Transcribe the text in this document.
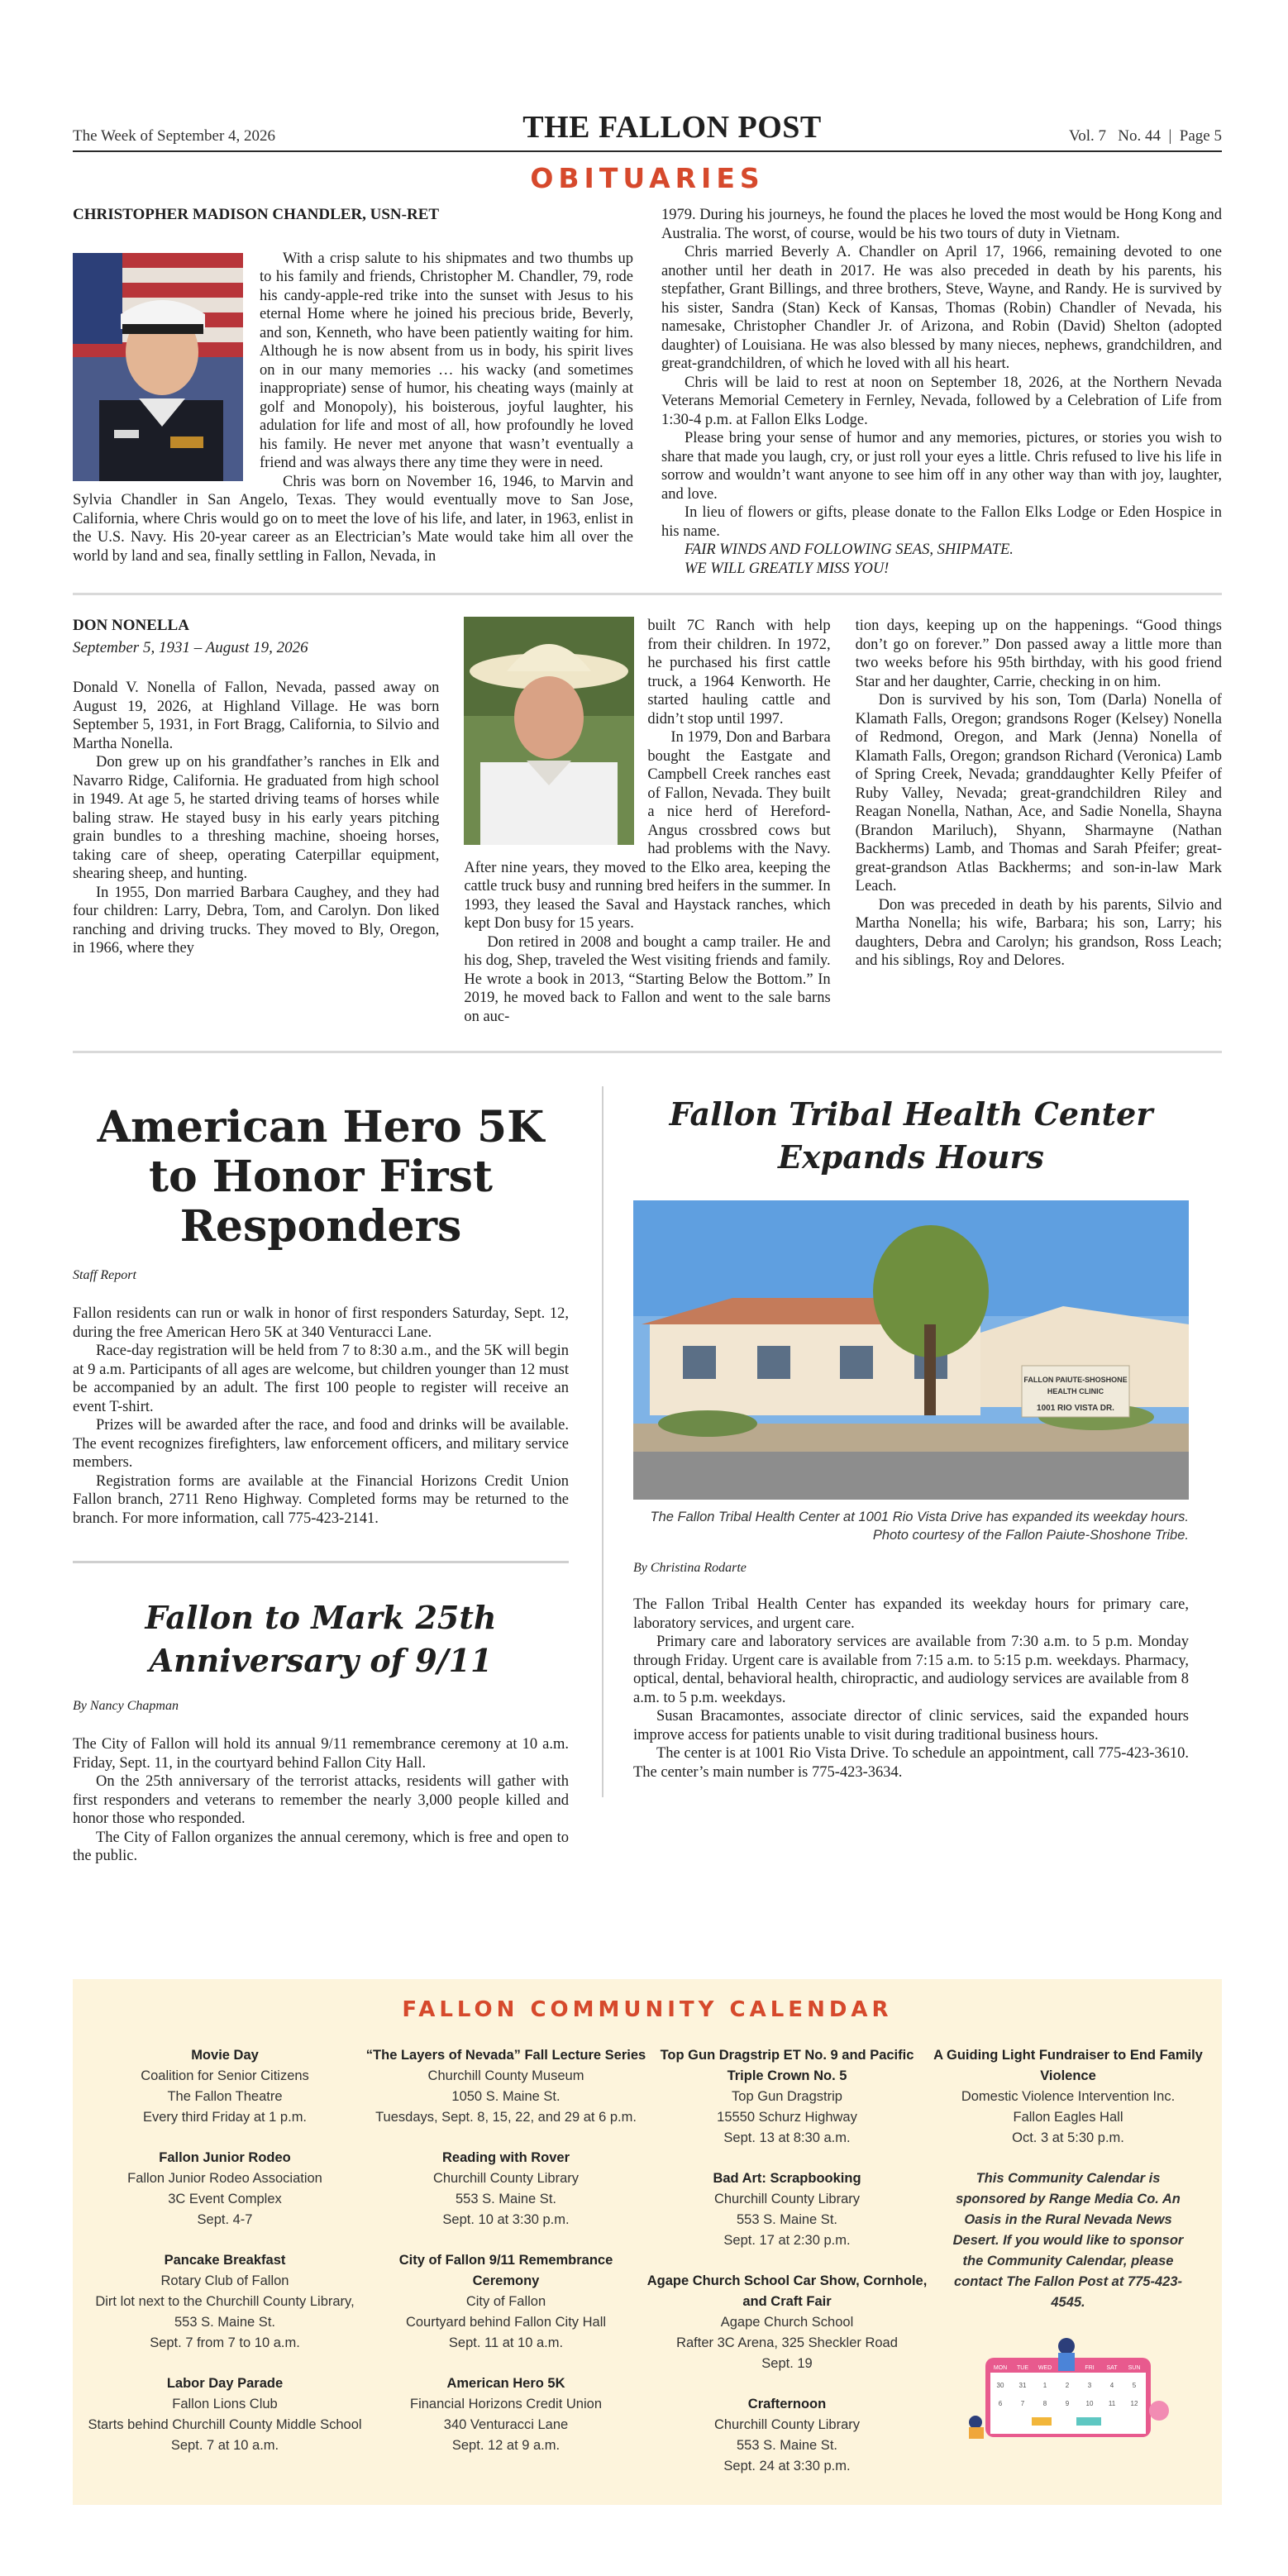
The Week of September 4, 2026	THE FALLON POST	Vol. 7   No. 44  |  Page 5
OBITUARIES
CHRISTOPHER MADISON CHANDLER, USN-RET

With a crisp salute to his shipmates and two thumbs up to his family and friends, Christopher M. Chandler, 79, rode his candy-apple-red trike into the sunset with Jesus to his eternal Home where he joined his precious bride, Beverly, and son, Kenneth, who have been patiently waiting for him. Although he is now absent from us in body, his spirit lives on in our many memories … his wacky (and sometimes inappropriate) sense of humor, his cheating ways (mainly at golf and Monopoly), his boisterous, joyful laughter, his adulation for life and most of all, how profoundly he loved his family. He never met anyone that wasn’t eventually a friend and was always there any time they were in need.

Chris was born on November 16, 1946, to Marvin and Sylvia Chandler in San Angelo, Texas. They would eventually move to San Jose, California, where Chris would go on to meet the love of his life, and later, in 1963, enlist in the U.S. Navy. His 20-year career as an Electrician’s Mate would take him all over the world by land and sea, finally settling in Fallon, Nevada, in

1979. During his journeys, he found the places he loved the most would be Hong Kong and Australia. The worst, of course, would be his two tours of duty in Vietnam.

Chris married Beverly A. Chandler on April 17, 1966, remaining devoted to one another until her death in 2017. He was also preceded in death by his parents, his stepfather, Grant Billings, and three brothers, Steve, Wayne, and Randy. He is survived by his sister, Sandra (Stan) Keck of Kansas, Thomas (Robin) Chandler of Nevada, his namesake, Christopher Chandler Jr. of Arizona, and Robin (David) Shelton (adopted daughter) of Louisiana. He was also blessed by many nieces, nephews, grandchildren, and great-grandchildren, of which he loved with all his heart.

Chris will be laid to rest at noon on September 18, 2026, at the Northern Nevada Veterans Memorial Cemetery in Fernley, Nevada, followed by a Celebration of Life from 1:30-4 p.m. at Fallon Elks Lodge.

Please bring your sense of humor and any memories, pictures, or stories you wish to share that made you laugh, cry, or just roll your eyes a little. Chris refused to live his life in sorrow and wouldn’t want anyone to see him off in any other way than with joy, laughter, and love.

In lieu of flowers or gifts, please donate to the Fallon Elks Lodge or Eden Hospice in his name.

FAIR WINDS AND FOLLOWING SEAS, SHIPMATE.
WE WILL GREATLY MISS YOU!
DON NONELLA
September 5, 1931 – August 19, 2026

Donald V. Nonella of Fallon, Nevada, passed away on August 19, 2026, at Highland Village. He was born September 5, 1931, in Fort Bragg, California, to Silvio and Martha Nonella.

Don grew up on his grandfather’s ranches in Elk and Navarro Ridge, California. He graduated from high school in 1949. At age 5, he started driving teams of horses while baling straw. He stayed busy in his early years pitching grain bundles to a threshing machine, shoeing horses, taking care of sheep, operating Caterpillar equipment, shearing sheep, and hunting.

In 1955, Don married Barbara Caughey, and they had four children: Larry, Debra, Tom, and Carolyn. Don liked ranching and driving trucks. They moved to Bly, Oregon, in 1966, where they

built 7C Ranch with help from their children. In 1972, he purchased his first cattle truck, a 1964 Kenworth. He started hauling cattle and didn’t stop until 1997.

In 1979, Don and Barbara bought the Eastgate and Campbell Creek ranches east of Fallon, Nevada. They built a nice herd of Hereford-Angus crossbred cows but had problems with the Navy. After nine years, they moved to the Elko area, keeping the cattle truck busy and running bred heifers in the summer. In 1993, they leased the Saval and Haystack ranches, which kept Don busy for 15 years.

Don retired in 2008 and bought a camp trailer. He and his dog, Shep, traveled the West visiting friends and family. He wrote a book in 2013, “Starting Below the Bottom.” In 2019, he moved back to Fallon and went to the sale barns on auc-

tion days, keeping up on the happenings. “Good things don’t go on forever.” Don passed away a little more than two weeks before his 95th birthday, with his good friend Star and her daughter, Carrie, checking in on him.

Don is survived by his son, Tom (Darla) Nonella of Klamath Falls, Oregon; grandsons Roger (Kelsey) Nonella of Redmond, Oregon, and Mark (Jenna) Nonella of Klamath Falls, Oregon; grandson Richard (Veronica) Lamb of Spring Creek, Nevada; granddaughter Kelly Pfeifer of Ruby Valley, Nevada; great-grandchildren Riley and Reagan Nonella, Nathan, Ace, and Sadie Nonella, Shayna (Brandon Mariluch), Shyann, Sharmayne (Nathan Backherms) Lamb, and Thomas and Sarah Pfeifer; great-great-grandson Atlas Backherms; and son-in-law Mark Leach.

Don was preceded in death by his parents, Silvio and Martha Nonella; his wife, Barbara; his son, Larry; his daughters, Debra and Carolyn; his grandson, Ross Leach; and his siblings, Roy and Delores.

American Hero 5K to Honor First Responders
Staff Report

Fallon residents can run or walk in honor of first responders Saturday, Sept. 12, during the free American Hero 5K at 340 Venturacci Lane.

Race-day registration will be held from 7 to 8:30 a.m., and the 5K will begin at 9 a.m. Participants of all ages are welcome, but children younger than 12 must be accompanied by an adult. The first 100 people to register will receive an event T-shirt.

Prizes will be awarded after the race, and food and drinks will be available. The event recognizes firefighters, law enforcement officers, and military service members.

Registration forms are available at the Financial Horizons Credit Union Fallon branch, 2711 Reno Highway. Completed forms may be returned to the branch. For more information, call 775-423-2141.

Fallon to Mark 25th Anniversary of 9/11
By Nancy Chapman

The City of Fallon will hold its annual 9/11 remembrance ceremony at 10 a.m. Friday, Sept. 11, in the courtyard behind Fallon City Hall.

On the 25th anniversary of the terrorist attacks, residents will gather with first responders and veterans to remember the nearly 3,000 people killed and honor those who responded.

The City of Fallon organizes the annual ceremony, which is free and open to the public.

Fallon Tribal Health Center
Expands Hours
FALLON PAIUTE-SHOSHONE
HEALTH CLINIC
1001 RIO VISTA DR.
The Fallon Tribal Health Center at 1001 Rio Vista Drive has expanded its weekday hours.
Photo courtesy of the Fallon Paiute-Shoshone Tribe.
By Christina Rodarte

The Fallon Tribal Health Center has expanded its weekday hours for primary care, laboratory services, and urgent care.

Primary care and laboratory services are available from 7:30 a.m. to 5 p.m. Monday through Friday. Urgent care is available from 7:15 a.m. to 5:15 p.m. weekdays. Pharmacy, optical, dental, behavioral health, chiropractic, and audiology services are available from 8 a.m. to 5 p.m. weekdays.

Susan Bracamontes, associate director of clinic services, said the expanded hours improve access for patients unable to visit during traditional business hours.

The center is at 1001 Rio Vista Drive. To schedule an appointment, call 775-423-3610. The center’s main number is 775-423-3634.

FALLON COMMUNITY CALENDAR
Movie Day
Coalition for Senior Citizens
The Fallon Theatre
Every third Friday at 1 p.m.
Fallon Junior Rodeo
Fallon Junior Rodeo Association
3C Event Complex
Sept. 4-7
Pancake Breakfast
Rotary Club of Fallon
Dirt lot next to the Churchill County Library,
553 S. Maine St.
Sept. 7 from 7 to 10 a.m.
Labor Day Parade
Fallon Lions Club
Starts behind Churchill County Middle School
Sept. 7 at 10 a.m.
“The Layers of Nevada” Fall Lecture Series
Churchill County Museum
1050 S. Maine St.
Tuesdays, Sept. 8, 15, 22, and 29 at 6 p.m.
Reading with Rover
Churchill County Library
553 S. Maine St.
Sept. 10 at 3:30 p.m.
City of Fallon 9/11 Remembrance Ceremony
City of Fallon
Courtyard behind Fallon City Hall
Sept. 11 at 10 a.m.
American Hero 5K
Financial Horizons Credit Union
340 Venturacci Lane
Sept. 12 at 9 a.m.
Top Gun Dragstrip ET No. 9 and Pacific Triple Crown No. 5
Top Gun Dragstrip
15550 Schurz Highway
Sept. 13 at 8:30 a.m.
Bad Art: Scrapbooking
Churchill County Library
553 S. Maine St.
Sept. 17 at 2:30 p.m.
Agape Church School Car Show, Cornhole, and Craft Fair
Agape Church School
Rafter 3C Arena, 325 Sheckler Road
Sept. 19
Crafternoon
Churchill County Library
553 S. Maine St.
Sept. 24 at 3:30 p.m.
A Guiding Light Fundraiser to End Family Violence
Domestic Violence Intervention Inc.
Fallon Eagles Hall
Oct. 3 at 5:30 p.m.
This Community Calendar is sponsored by Range Media Co. An Oasis in the Rural Nevada News Desert. If you would like to sponsor the Community Calendar, please contact The Fallon Post at 775-423-4545.
MON TUE WED	FRI SAT SUN
30 31	1	2	3	4	5
6	7	8	9	10 11 12
